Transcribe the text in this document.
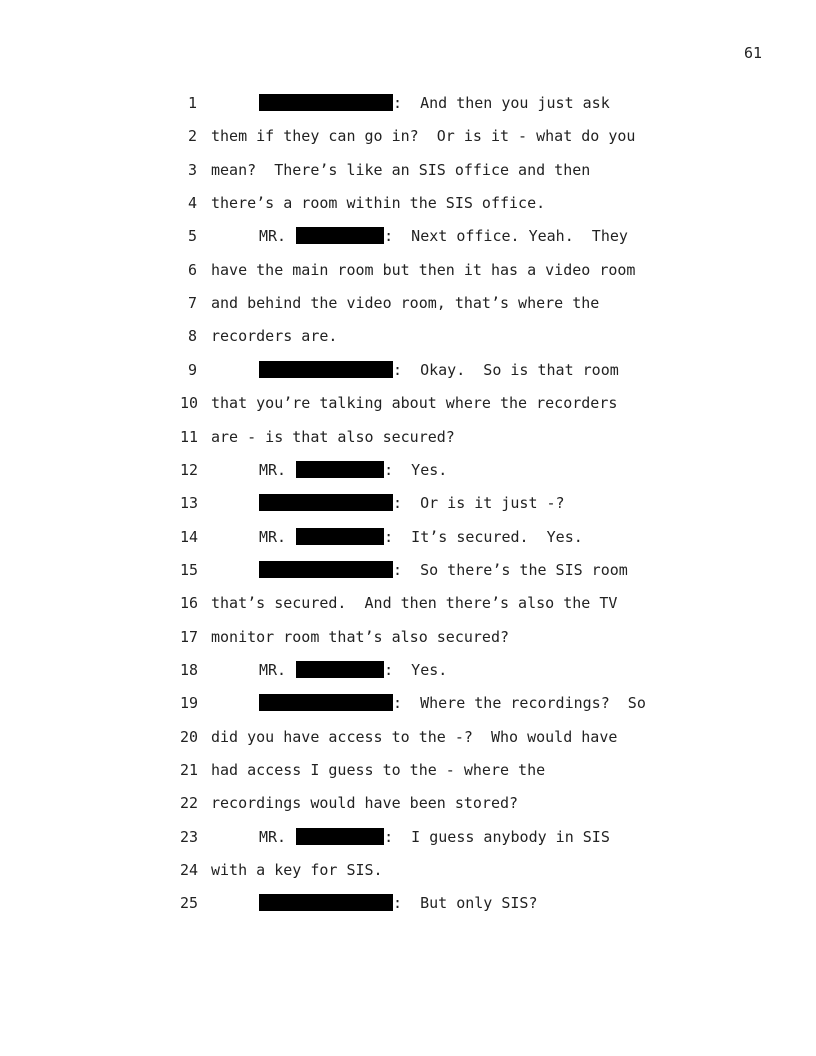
61
1	:  And then you just ask
2 them if they can go in?  Or is it - what do you
3 mean?  There’s like an SIS office and then
4 there’s a room within the SIS office.
5	MR.	:  Next office. Yeah.  They
6 have the main room but then it has a video room
7 and behind the video room, that’s where the
8 recorders are.
9	:  Okay.  So is that room
10 that you’re talking about where the recorders
11 are - is that also secured?
12	MR.	:  Yes.
13	:  Or is it just -?
14	MR.	:  It’s secured.  Yes.
15	:  So there’s the SIS room
16 that’s secured.  And then there’s also the TV
17 monitor room that’s also secured?
18	MR.	:  Yes.
19	:  Where the recordings?  So
20 did you have access to the -?  Who would have
21 had access I guess to the - where the
22 recordings would have been stored?
23	MR.	:  I guess anybody in SIS
24 with a key for SIS.
25	:  But only SIS?
